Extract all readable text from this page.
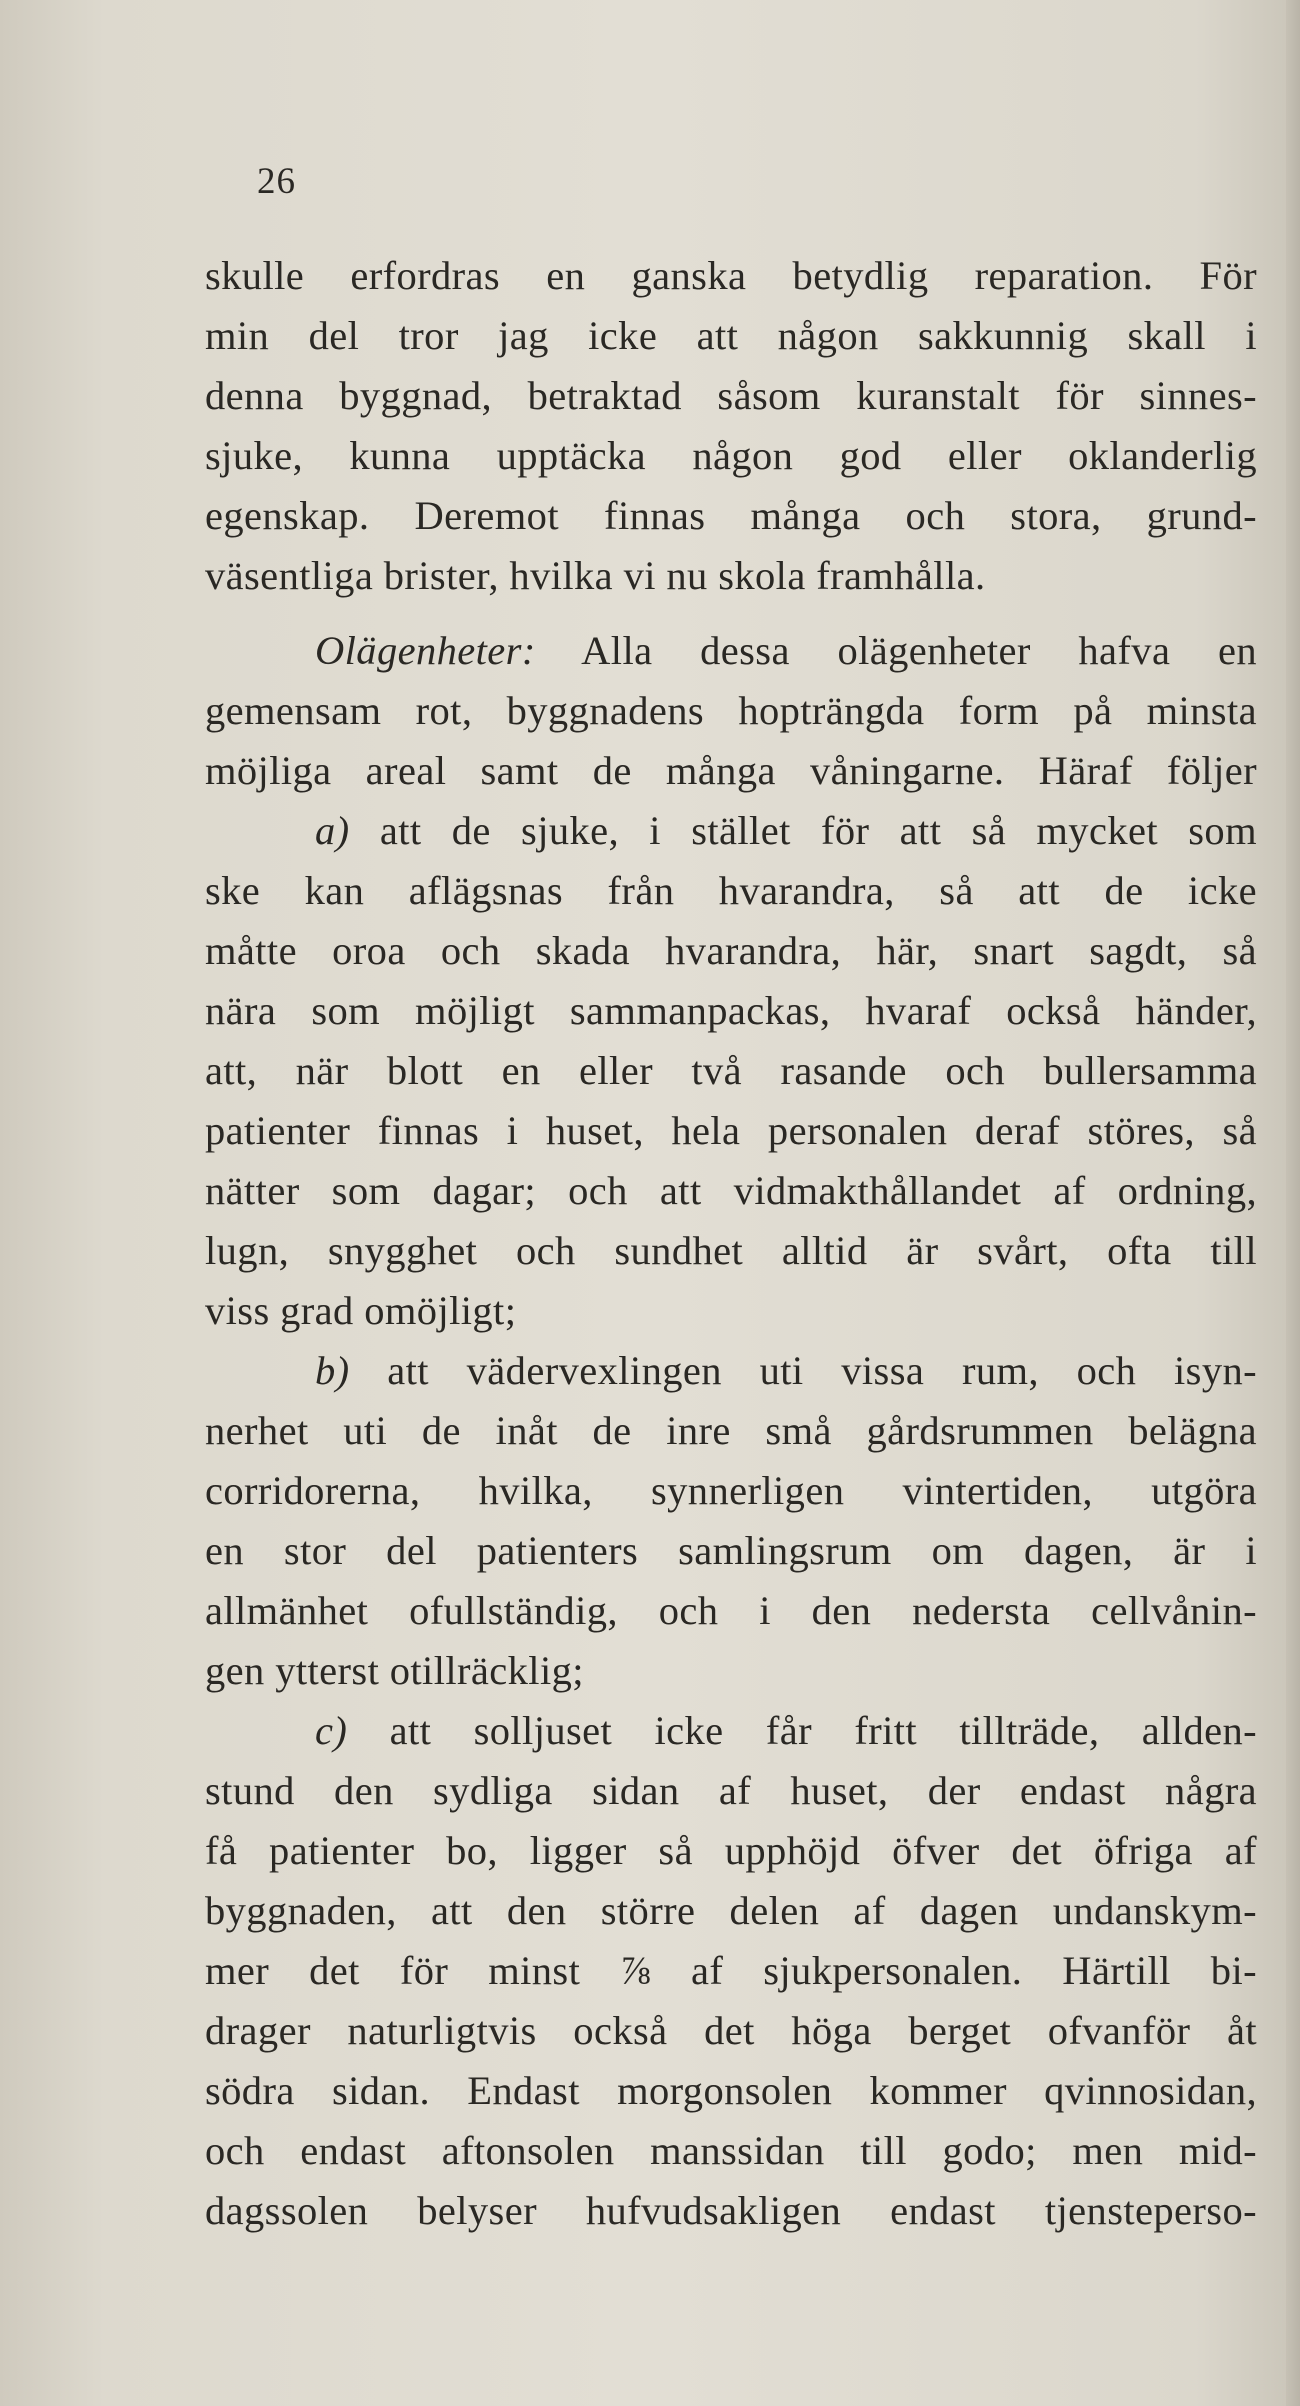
26
skulle erfordras en ganska betydlig reparation. För
min del tror jag icke att någon sakkunnig skall i
denna byggnad, betraktad såsom kuranstalt för sinnes-
sjuke, kunna upptäcka någon god eller oklanderlig
egenskap. Deremot finnas många och stora, grund-
väsentliga brister, hvilka vi nu skola framhålla.
Olägenheter: Alla dessa olägenheter hafva en
gemensam rot, byggnadens hopträngda form på minsta
möjliga areal samt de många våningarne. Häraf följer
a) att de sjuke, i stället för att så mycket som
ske kan aflägsnas från hvarandra, så att de icke
måtte oroa och skada hvarandra, här, snart sagdt, så
nära som möjligt sammanpackas, hvaraf också händer,
att, när blott en eller två rasande och bullersamma
patienter finnas i huset, hela personalen deraf störes, så
nätter som dagar; och att vidmakthållandet af ordning,
lugn, snygghet och sundhet alltid är svårt, ofta till
viss grad omöjligt;
b) att vädervexlingen uti vissa rum, och isyn-
nerhet uti de inåt de inre små gårdsrummen belägna
corridorerna, hvilka, synnerligen vintertiden, utgöra
en stor del patienters samlingsrum om dagen, är i
allmänhet ofullständig, och i den nedersta cellvånin-
gen ytterst otillräcklig;
c) att solljuset icke får fritt tillträde, allden-
stund den sydliga sidan af huset, der endast några
få patienter bo, ligger så upphöjd öfver det öfriga af
byggnaden, att den större delen af dagen undanskym-
mer det för minst ⅞ af sjukpersonalen. Härtill bi-
drager naturligtvis också det höga berget ofvanför åt
södra sidan. Endast morgonsolen kommer qvinnosidan,
och endast aftonsolen manssidan till godo; men mid-
dagssolen belyser hufvudsakligen endast tjensteperso-
